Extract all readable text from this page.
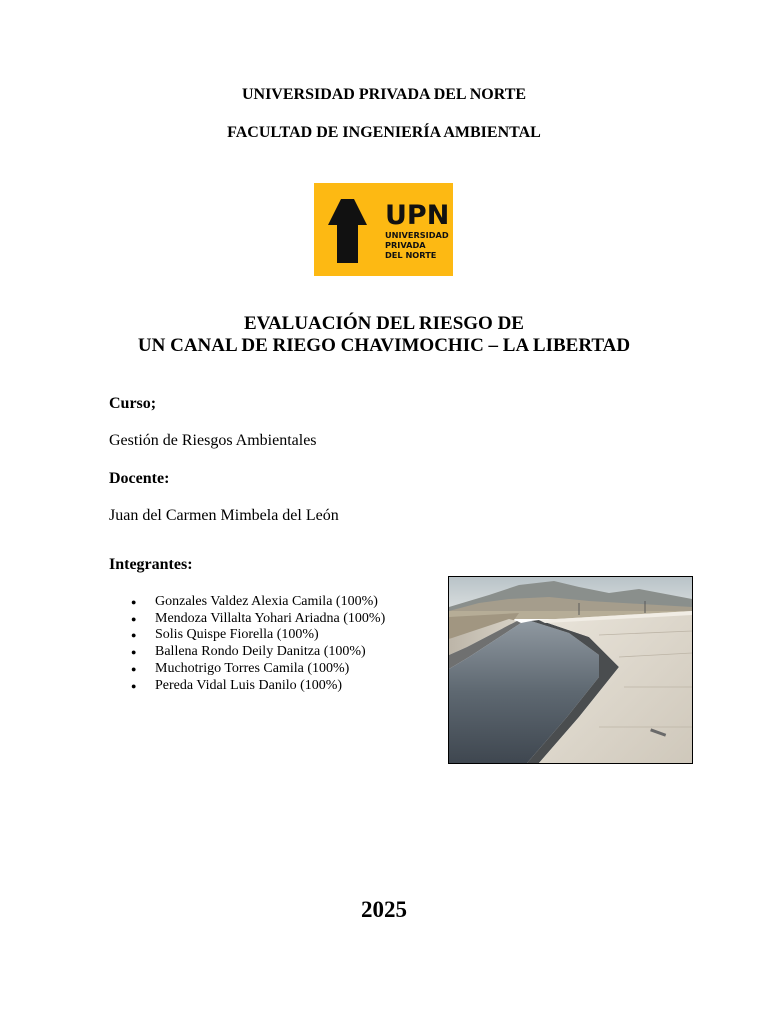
UNIVERSIDAD PRIVADA DEL NORTE
FACULTAD DE INGENIERÍA AMBIENTAL
UPN
UNIVERSIDAD
PRIVADA
DEL NORTE
EVALUACIÓN DEL RIESGO DE
UN CANAL DE RIEGO CHAVIMOCHIC – LA LIBERTAD
Curso;
Gestión de Riesgos Ambientales
Docente:
Juan del Carmen Mimbela del León
Integrantes:
● Gonzales Valdez Alexia Camila (100%)
● Mendoza Villalta Yohari Ariadna (100%)
● Solis Quispe Fiorella (100%)
● Ballena Rondo Deily Danitza (100%)
● Muchotrigo Torres Camila (100%)
● Pereda Vidal Luis Danilo (100%)
2025
